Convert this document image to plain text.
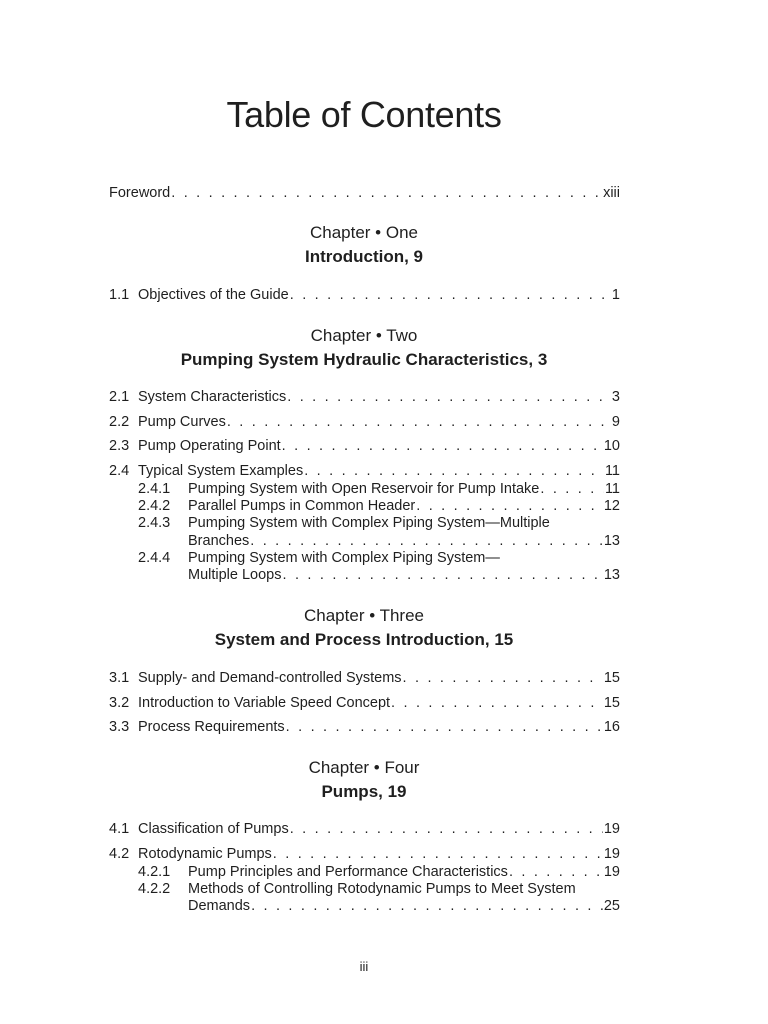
Table of Contents
Foreword . . .	xiii
Chapter • One
Introduction, 9
1.1 Objectives of the Guide . . .	1
Chapter • Two
Pumping System Hydraulic Characteristics, 3
2.1 System Characteristics . . .	3
2.2 Pump Curves . . .	9
2.3 Pump Operating Point . . .	10
2.4 Typical System Examples . . .	11
2.4.1	Pumping System with Open Reservoir for Pump Intake . . .	11
2.4.2	Parallel Pumps in Common Header . . .	12
2.4.3	Pumping System with Complex Piping System—Multiple
Branches . . .	13
2.4.4	Pumping System with Complex Piping System—
Multiple Loops . . .	13
Chapter • Three
System and Process Introduction, 15
3.1 Supply- and Demand-controlled Systems . . .	15
3.2 Introduction to Variable Speed Concept . . .	15
3.3 Process Requirements . . .	16
Chapter • Four
Pumps, 19
4.1 Classification of Pumps . . .	19
4.2 Rotodynamic Pumps . . .	19
4.2.1	Pump Principles and Performance Characteristics . . .	19
4.2.2	Methods of Controlling Rotodynamic Pumps to Meet System
Demands . . .	25
iii
